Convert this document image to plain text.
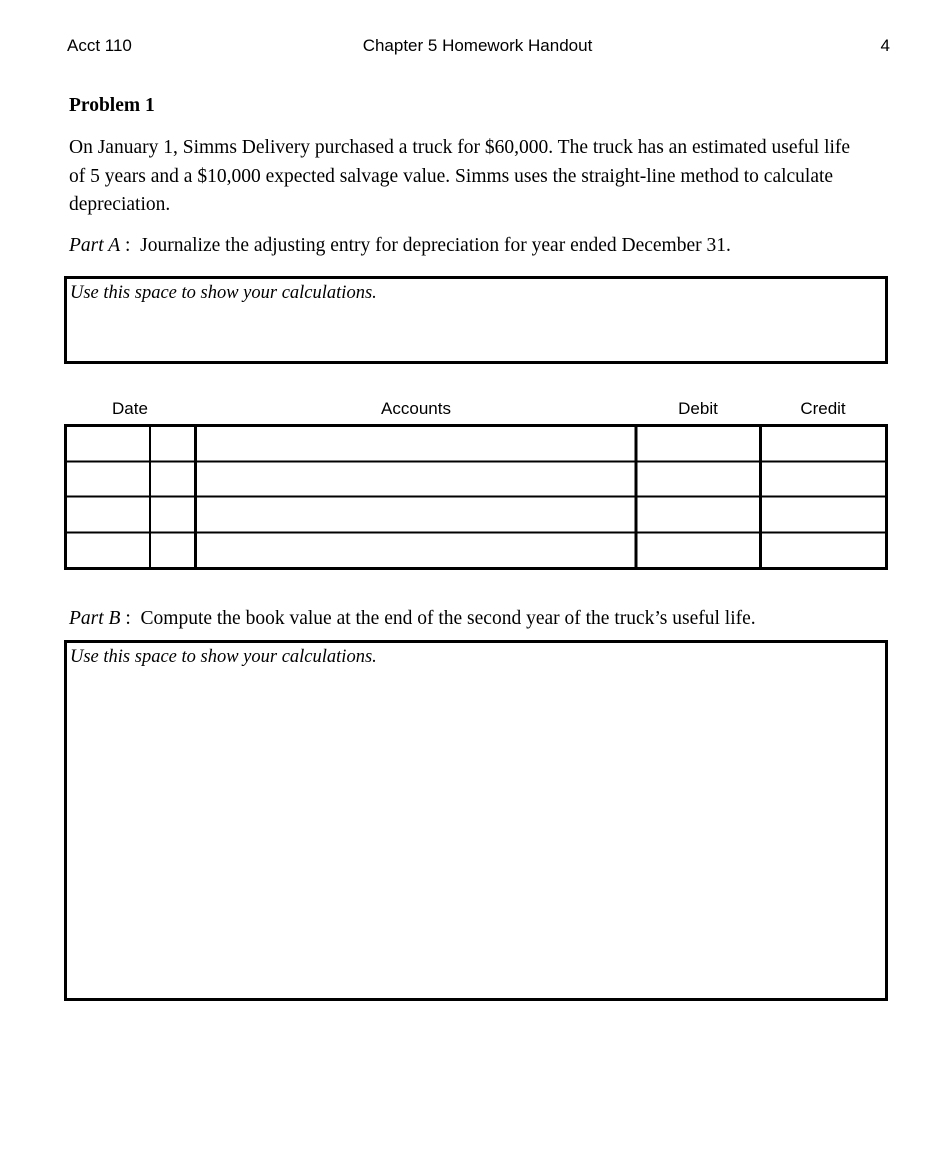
Acct 110	Chapter 5 Homework Handout	4
Problem 1
On January 1, Simms Delivery purchased a truck for $60,000. The truck has an estimated useful life of 5 years and a $10,000 expected salvage value. Simms uses the straight-line method to calculate depreciation.
Part A : Journalize the adjusting entry for depreciation for year ended December 31.
Use this space to show your calculations.
Date	Accounts	Debit	Credit
Part B : Compute the book value at the end of the second year of the truck’s useful life.
Use this space to show your calculations.
